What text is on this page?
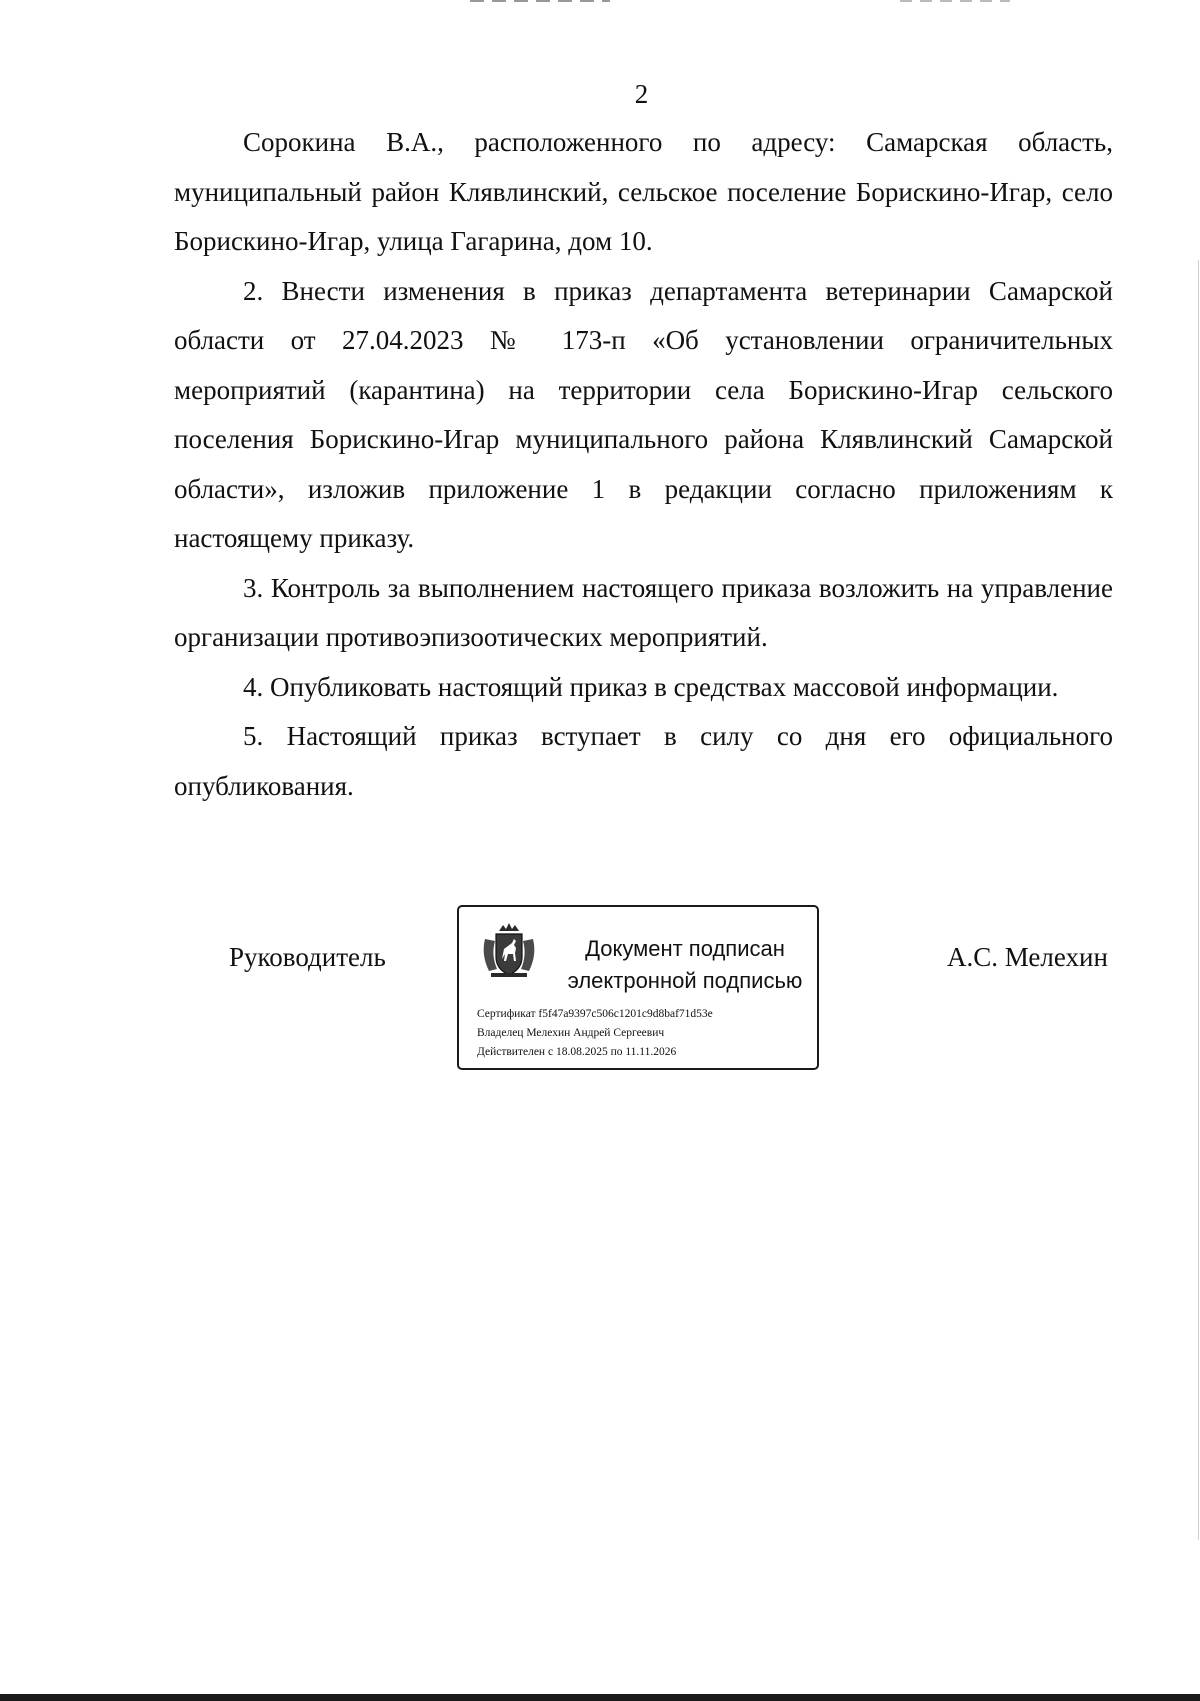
2

Сорокина В.А., расположенного по адресу: Самарская область, муниципальный район Клявлинский, сельское поселение Борискино-Игар, село Борискино-Игар, улица Гагарина, дом 10.

2. Внести изменения в приказ департамента ветеринарии Самарской области от 27.04.2023 № 173-п «Об установлении ограничительных мероприятий (карантина) на территории села Борискино-Игар сельского поселения Борискино-Игар муниципального района Клявлинский Самарской области», изложив приложение 1 в редакции согласно приложениям к настоящему приказу.

3. Контроль за выполнением настоящего приказа возложить на управление организации противоэпизоотических мероприятий.

4. Опубликовать настоящий приказ в средствах массовой информации.

5. Настоящий приказ вступает в силу со дня его официального опубликования.

Руководитель	Документ подписан
электронной подписью
Сертификат f5f47a9397c506c1201c9d8baf71d53e
Владелец Мелехин Андрей Сергеевич
Действителен с 18.08.2025 по 11.11.2026
А.С. Мелехин
